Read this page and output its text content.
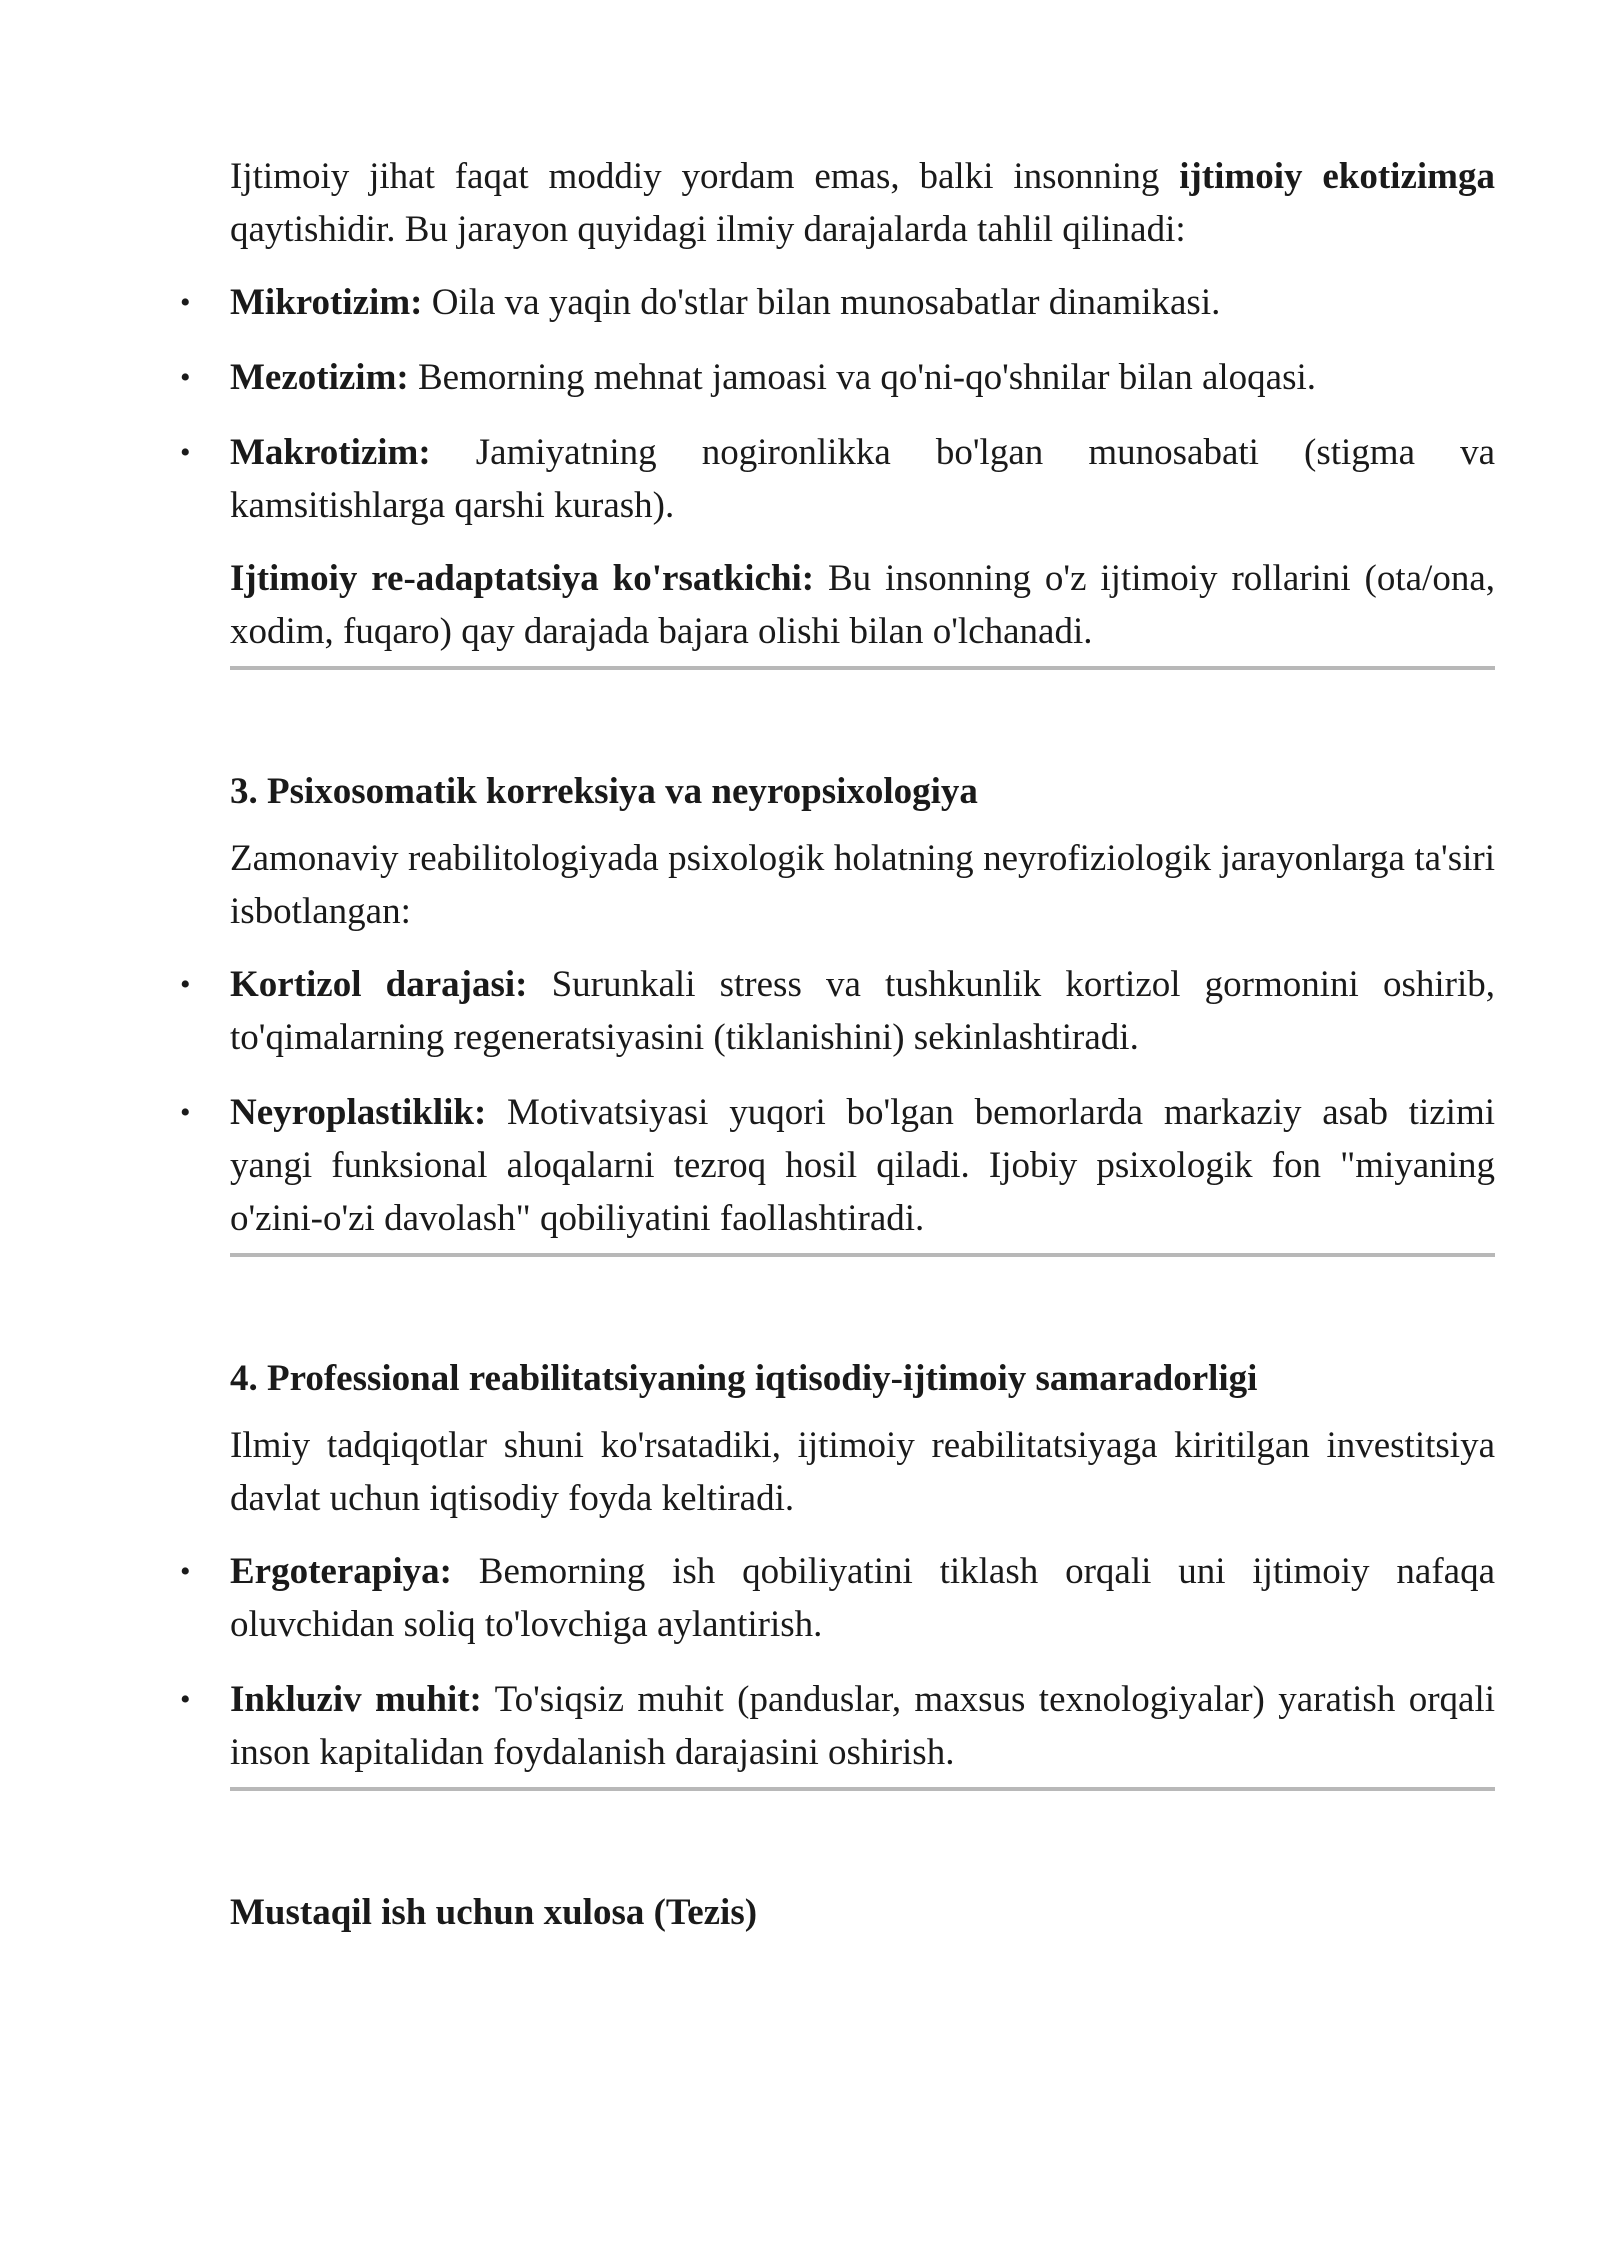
Ijtimoiy jihat faqat moddiy yordam emas, balki insonning ijtimoiy ekotizimga qaytishidir. Bu jarayon quyidagi ilmiy darajalarda tahlil qilinadi:

• Mikrotizim: Oila va yaqin do'stlar bilan munosabatlar dinamikasi.
• Mezotizim: Bemorning mehnat jamoasi va qo'ni-qo'shnilar bilan aloqasi.
• Makrotizim: Jamiyatning nogironlikka bo'lgan munosabati (stigma va kamsitishlarga qarshi kurash).

Ijtimoiy re-adaptatsiya ko'rsatkichi: Bu insonning o'z ijtimoiy rollarini (ota/ona, xodim, fuqaro) qay darajada bajara olishi bilan o'lchanadi.

3. Psixosomatik korreksiya va neyropsixologiya

Zamonaviy reabilitologiyada psixologik holatning neyrofiziologik jarayonlarga ta'siri isbotlangan:

• Kortizol darajasi: Surunkali stress va tushkunlik kortizol gormonini oshirib, to'qimalarning regeneratsiyasini (tiklanishini) sekinlashtiradi.
• Neyroplastiklik: Motivatsiyasi yuqori bo'lgan bemorlarda markaziy asab tizimi yangi funksional aloqalarni tezroq hosil qiladi. Ijobiy psixologik fon "miyaning o'zini-o'zi davolash" qobiliyatini faollashtiradi.
4. Professional reabilitatsiyaning iqtisodiy-ijtimoiy samaradorligi

Ilmiy tadqiqotlar shuni ko'rsatadiki, ijtimoiy reabilitatsiyaga kiritilgan investitsiya davlat uchun iqtisodiy foyda keltiradi.

• Ergoterapiya: Bemorning ish qobiliyatini tiklash orqali uni ijtimoiy nafaqa oluvchidan soliq to'lovchiga aylantirish.
• Inkluziv muhit: To'siqsiz muhit (panduslar, maxsus texnologiyalar) yaratish orqali inson kapitalidan foydalanish darajasini oshirish.
Mustaqil ish uchun xulosa (Tezis)
